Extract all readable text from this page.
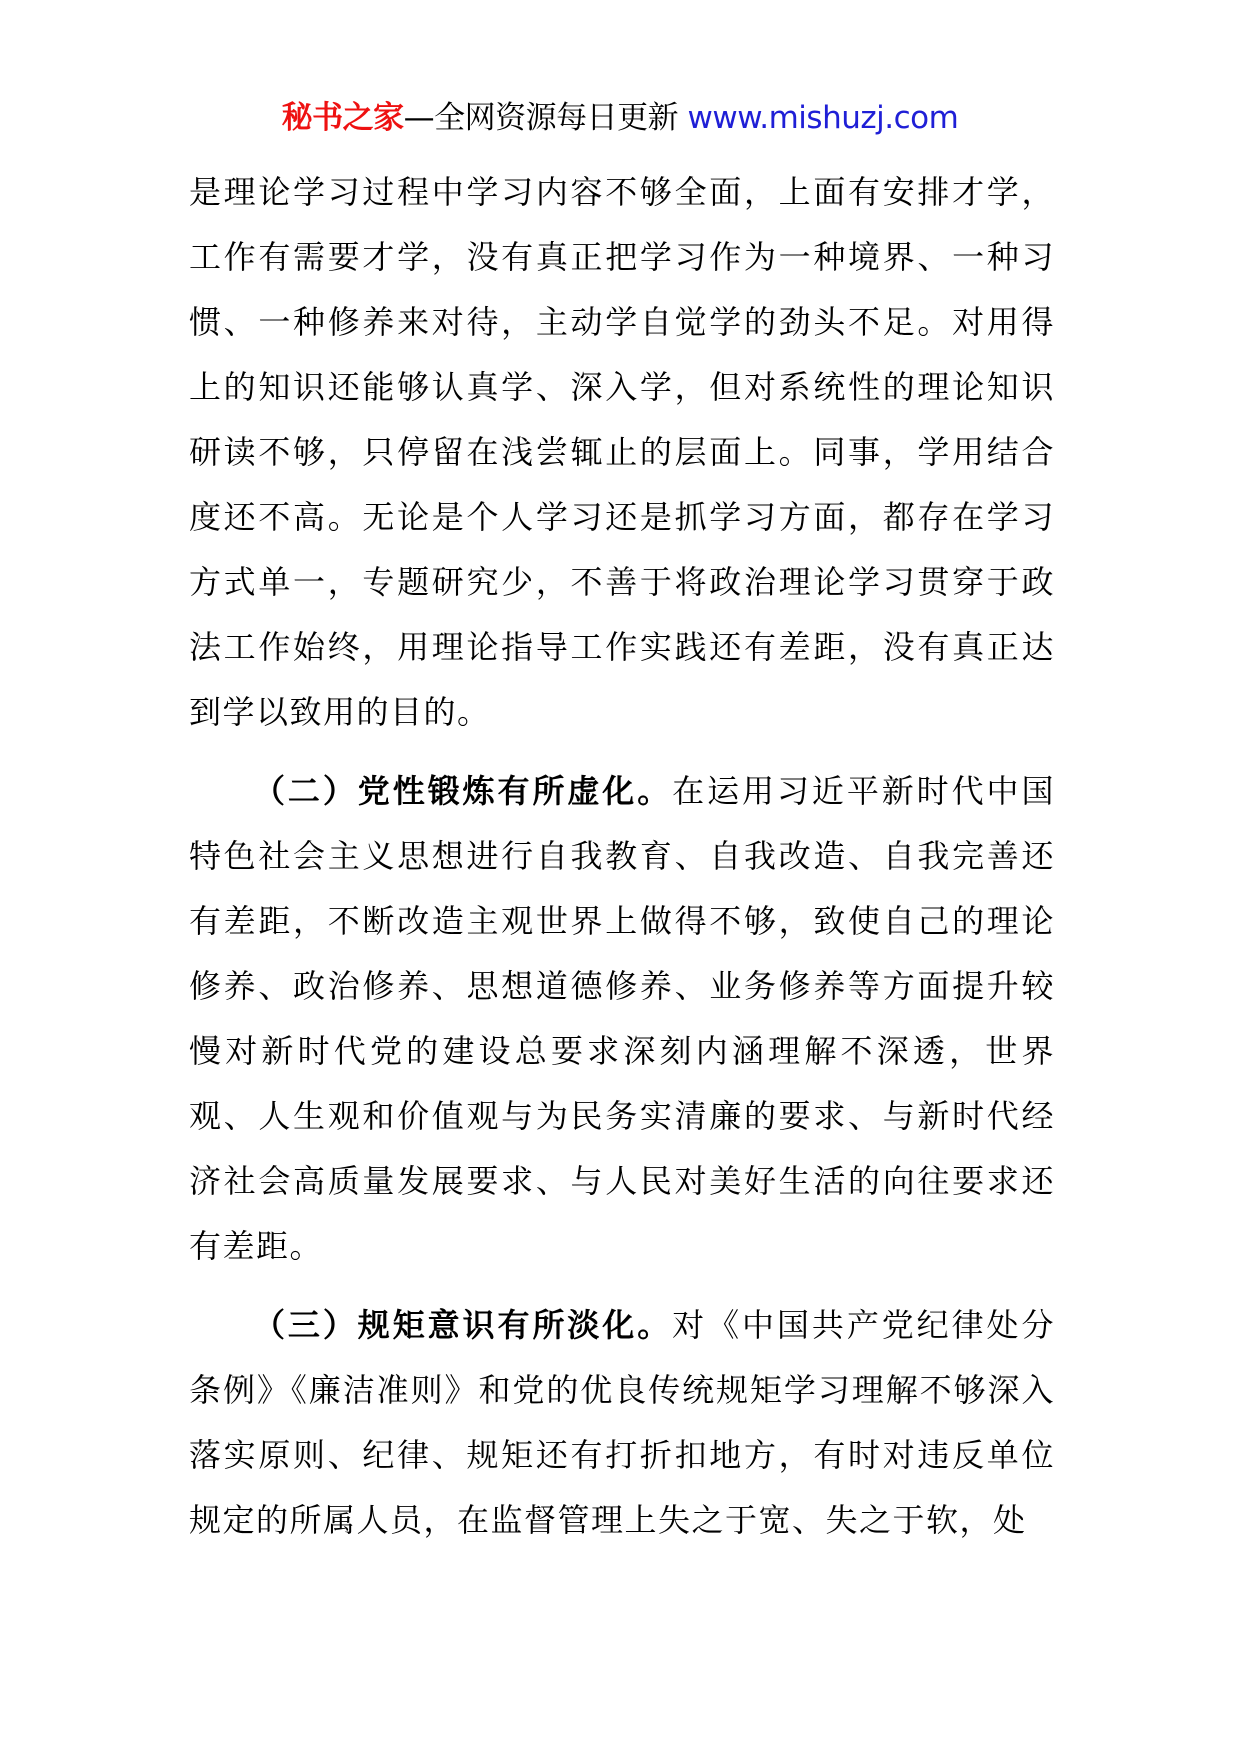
秘书之家—全网资源每日更新 www.mishuzj.com

是理论学习过程中学习内容不够全面，上面有安排才学，工作有需要才学，没有真正把学习作为一种境界、一种习惯、一种修养来对待，主动学自觉学的劲头不足。对用得上的知识还能够认真学、深入学，但对系统性的理论知识研读不够，只停留在浅尝辄止的层面上。同事，学用结合度还不高。无论是个人学习还是抓学习方面，都存在学习方式单一，专题研究少，不善于将政治理论学习贯穿于政法工作始终，用理论指导工作实践还有差距，没有真正达到学以致用的目的。

（二）党性锻炼有所虚化。在运用习近平新时代中国特色社会主义思想进行自我教育、自我改造、自我完善还有差距，不断改造主观世界上做得不够，致使自己的理论修养、政治修养、思想道德修养、业务修养等方面提升较慢对新时代党的建设总要求深刻内涵理解不深透，世界观、人生观和价值观与为民务实清廉的要求、与新时代经济社会高质量发展要求、与人民对美好生活的向往要求还有差距。

（三）规矩意识有所淡化。对《中国共产党纪律处分条例》《廉洁准则》和党的优良传统规矩学习理解不够深入落实原则、纪律、规矩还有打折扣地方，有时对违反单位规定的所属人员，在监督管理上失之于宽、失之于软，处
